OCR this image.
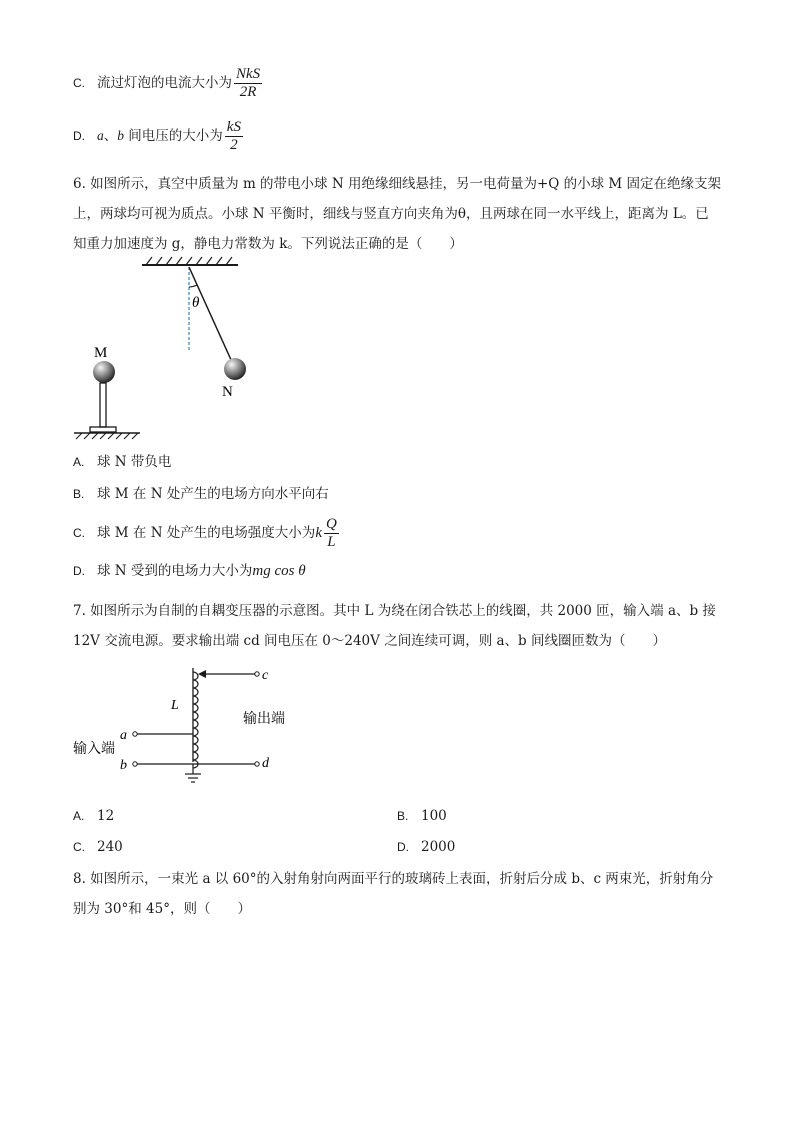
C. 流过灯泡的电流大小为 $\frac{\text{NkS}}{2R}$
D. a、b 间电压的大小为 $\frac{kS}{2}$
6. 如图所示，真空中质量为 m 的带电小球 N 用绝缘细线悬挂，另一电荷量为+Q 的小球 M 固定在绝缘支架
上，两球均可视为质点。小球 N 平衡时，细线与竖直方向夹角为θ，且两球在同一水平线上，距离为 L。已
知重力加速度为 g，静电力常数为 k。下列说法正确的是（　　）
θ
N
M
A. 球 N 带负电
B. 球 M 在 N 处产生的电场方向水平向右
C. 球 M 在 N 处产生的电场强度大小为k $\frac{Q}{L}$
D. 球 N 受到的电场力大小为mg cos θ
7. 如图所示为自制的自耦变压器的示意图。其中 L 为绕在闭合铁芯上的线圈，共 2000 匝，输入端 a、b 接
12V 交流电源。要求输出端 cd 间电压在 0～240V 之间连续可调，则 a、b 间线圈匝数为（　　）
L
c
输出端
a
输入端
b	d
A. 12	B. 100
C. 240	D. 2000
8. 如图所示，一束光 a 以 60°的入射角射向两面平行的玻璃砖上表面，折射后分成 b、c 两束光，折射角分
别为 30°和 45°，则（　　）
